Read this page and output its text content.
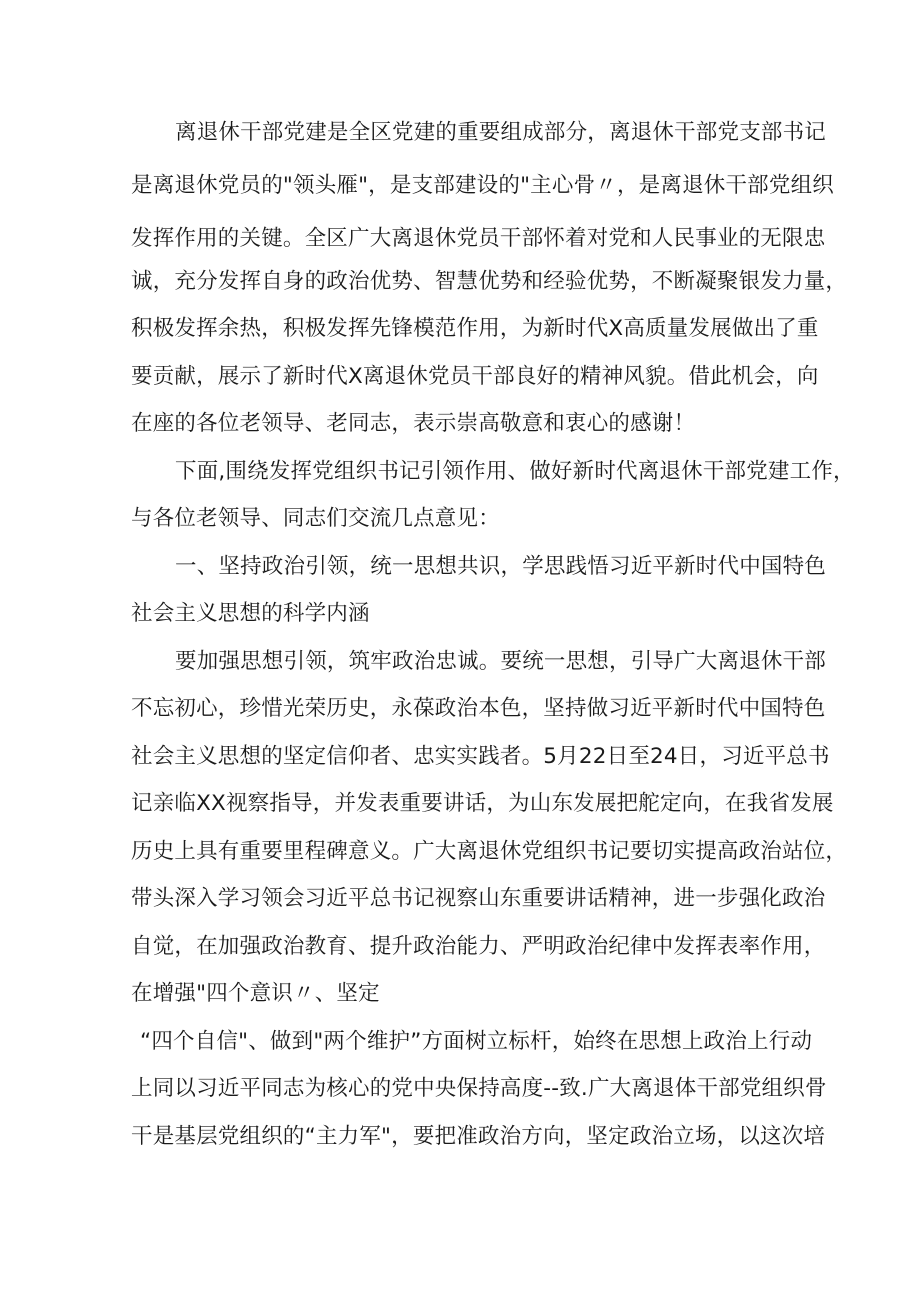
离退休干部党建是全区党建的重要组成部分，离退休干部党支部书记
是离退休党员的"领头雁"，是支部建设的"主心骨〃，是离退休干部党组织
发挥作用的关键。全区广大离退休党员干部怀着对党和人民事业的无限忠
诚，充分发挥自身的政治优势、智慧优势和经验优势，不断凝聚银发力量，
积极发挥余热，积极发挥先锋模范作用，为新时代X高质量发展做出了重
要贡献，展示了新时代X离退休党员干部良好的精神风貌。借此机会，向
在座的各位老领导、老同志，表示崇高敬意和衷心的感谢！
下面,围绕发挥党组织书记引领作用、做好新时代离退休干部党建工作，
与各位老领导、同志们交流几点意见：
一、坚持政治引领，统一思想共识，学思践悟习近平新时代中国特色
社会主义思想的科学内涵
要加强思想引领，筑牢政治忠诚。要统一思想，引导广大离退休干部
不忘初心，珍惜光荣历史，永葆政治本色，坚持做习近平新时代中国特色
社会主义思想的坚定信仰者、忠实实践者。5月22日至24日，习近平总书
记亲临XX视察指导，并发表重要讲话，为山东发展把舵定向，在我省发展
历史上具有重要里程碑意义。广大离退休党组织书记要切实提高政治站位，
带头深入学习领会习近平总书记视察山东重要讲话精神，进一步强化政治
自觉，在加强政治教育、提升政治能力、严明政治纪律中发挥表率作用，
在增强"四个意识〃、坚定
“四个自信"、做到"两个维护”方面树立标杆，始终在思想上政治上行动
上同以习近平同志为核心的党中央保持高度--致.广大离退体干部党组织骨
干是基层党组织的“主力军"，要把准政治方向，坚定政治立场，以这次培
